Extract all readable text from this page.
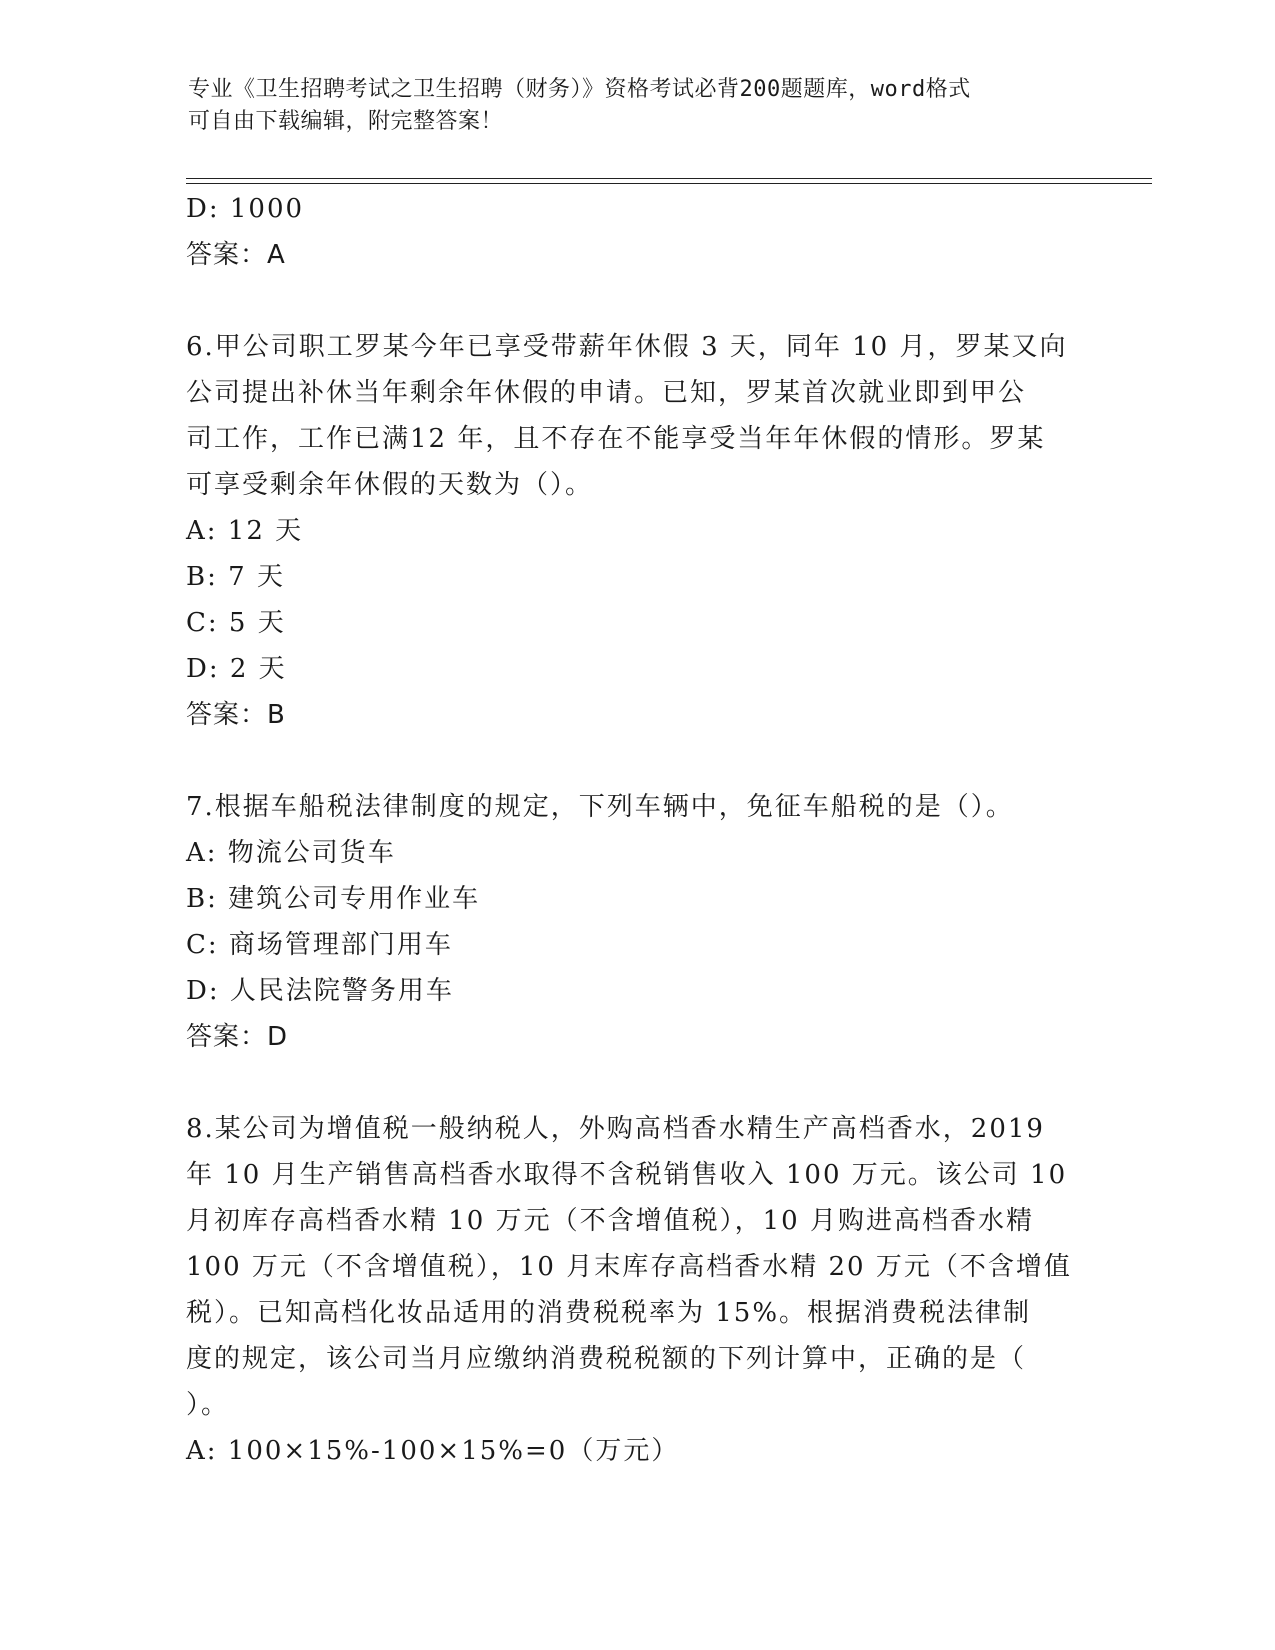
专业《卫生招聘考试之卫生招聘（财务）》资格考试必背200题题库，word格式
可自由下载编辑，附完整答案！
D: 1000
答案：A
6.甲公司职工罗某今年已享受带薪年休假 3 天，同年 10 月，罗某又向
公司提出补休当年剩余年休假的申请。已知，罗某首次就业即到甲公
司工作，工作已满12 年，且不存在不能享受当年年休假的情形。罗某
可享受剩余年休假的天数为（）。
A: 12 天
B: 7 天
C: 5 天
D: 2 天
答案：B
7.根据车船税法律制度的规定，下列车辆中，免征车船税的是（）。
A: 物流公司货车
B: 建筑公司专用作业车
C: 商场管理部门用车
D: 人民法院警务用车
答案：D
8.某公司为增值税一般纳税人，外购高档香水精生产高档香水，2019
年 10 月生产销售高档香水取得不含税销售收入 100 万元。该公司 10
月初库存高档香水精 10 万元（不含增值税），10 月购进高档香水精
100 万元（不含增值税），10 月末库存高档香水精 20 万元（不含增值
税）。已知高档化妆品适用的消费税税率为 15%。根据消费税法律制
度的规定，该公司当月应缴纳消费税税额的下列计算中，正确的是（
）。
A: 100×15%-100×15%=0（万元）
